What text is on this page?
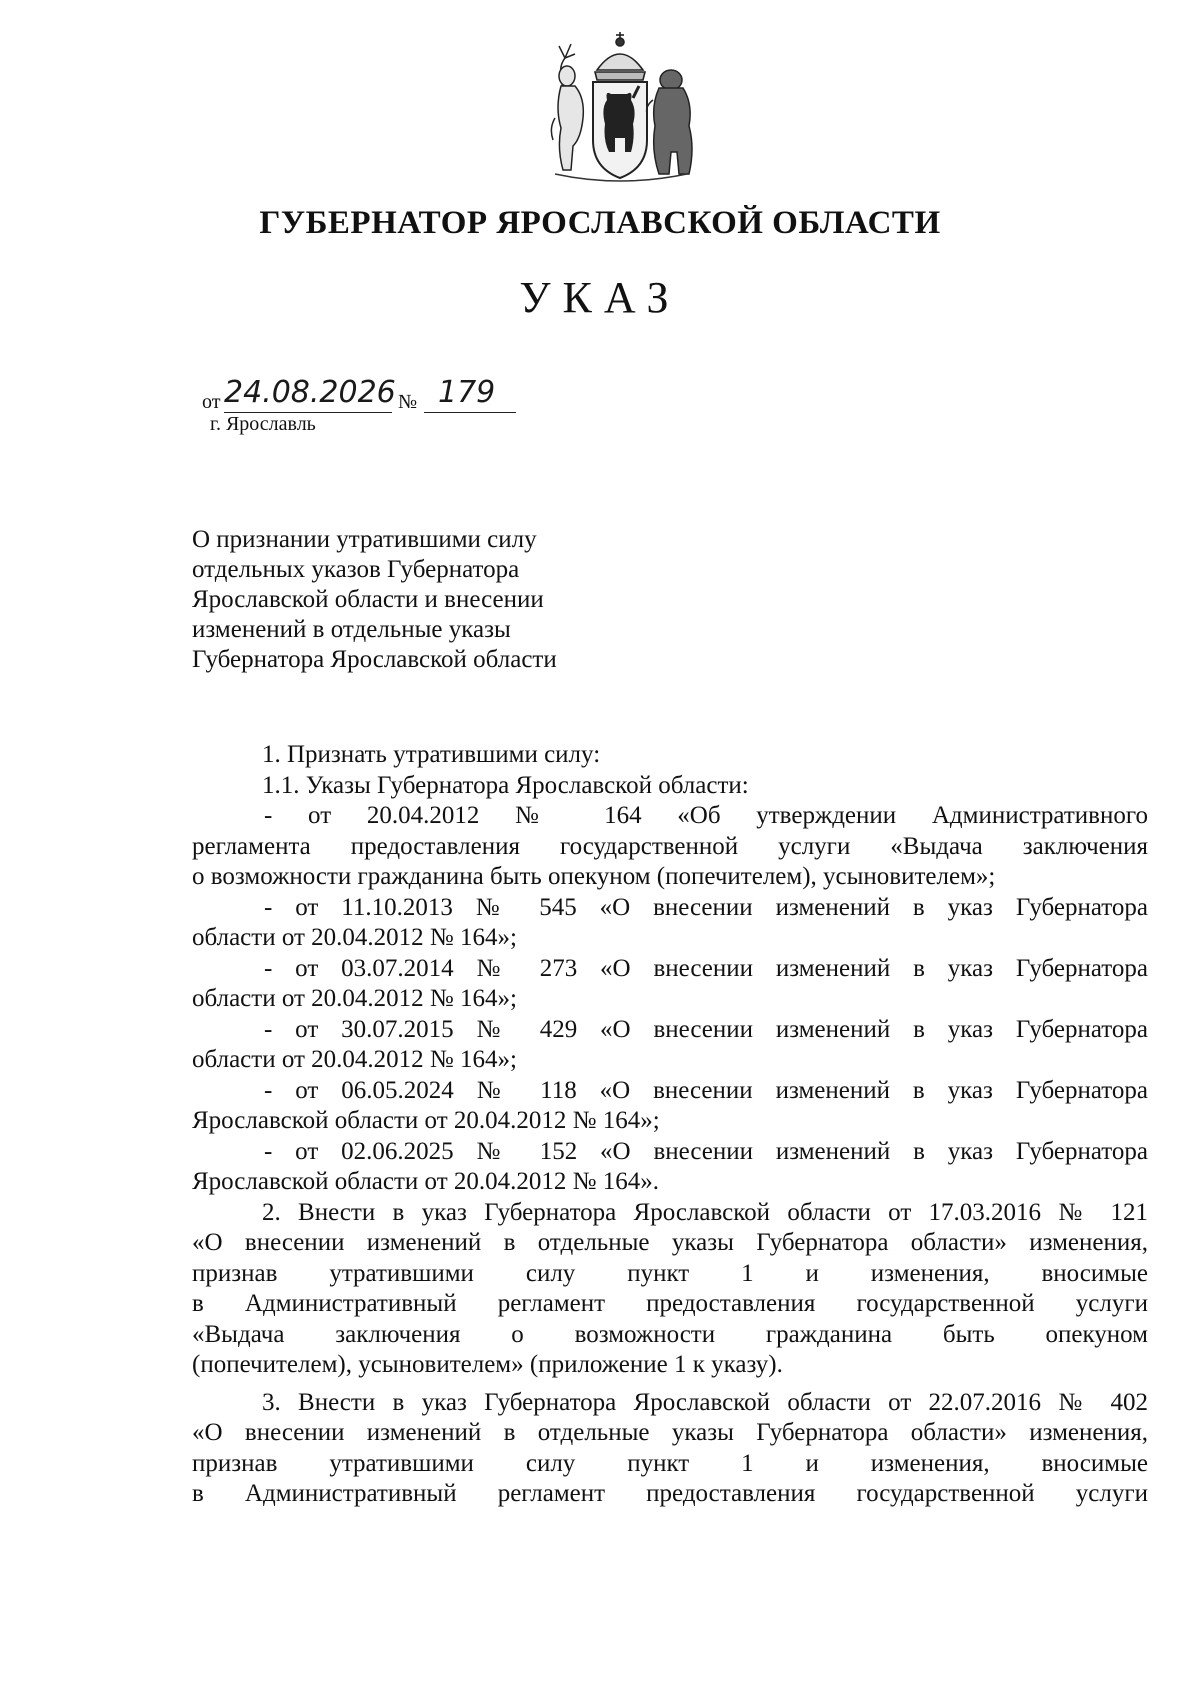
ГУБЕРНАТОР ЯРОСЛАВСКОЙ ОБЛАСТИ
УКАЗ
от 24.08.2026 № 179
г. Ярославль
О признании утратившими силу
отдельных указов Губернатора
Ярославской области и внесении
изменений в отдельные указы
Губернатора Ярославской области
1. Признать утратившими силу:
1.1. Указы Губернатора Ярославской области:
- от 20.04.2012 № 164 «Об утверждении Административного
регламента предоставления государственной услуги «Выдача заключения
о возможности гражданина быть опекуном (попечителем), усыновителем»;
- от 11.10.2013 № 545 «О внесении изменений в указ Губернатора
области от 20.04.2012 № 164»;
- от 03.07.2014 № 273 «О внесении изменений в указ Губернатора
области от 20.04.2012 № 164»;
- от 30.07.2015 № 429 «О внесении изменений в указ Губернатора
области от 20.04.2012 № 164»;
- от 06.05.2024 № 118 «О внесении изменений в указ Губернатора
Ярославской области от 20.04.2012 № 164»;
- от 02.06.2025 № 152 «О внесении изменений в указ Губернатора
Ярославской области от 20.04.2012 № 164».
2. Внести в указ Губернатора Ярославской области от 17.03.2016 № 121
«О внесении изменений в отдельные указы Губернатора области» изменения,
признав утратившими силу пункт 1 и изменения, вносимые
в Административный регламент предоставления государственной услуги
«Выдача заключения о возможности гражданина быть опекуном
(попечителем), усыновителем» (приложение 1 к указу).
3. Внести в указ Губернатора Ярославской области от 22.07.2016 № 402
«О внесении изменений в отдельные указы Губернатора области» изменения,
признав утратившими силу пункт 1 и изменения, вносимые
в Административный регламент предоставления государственной услуги
